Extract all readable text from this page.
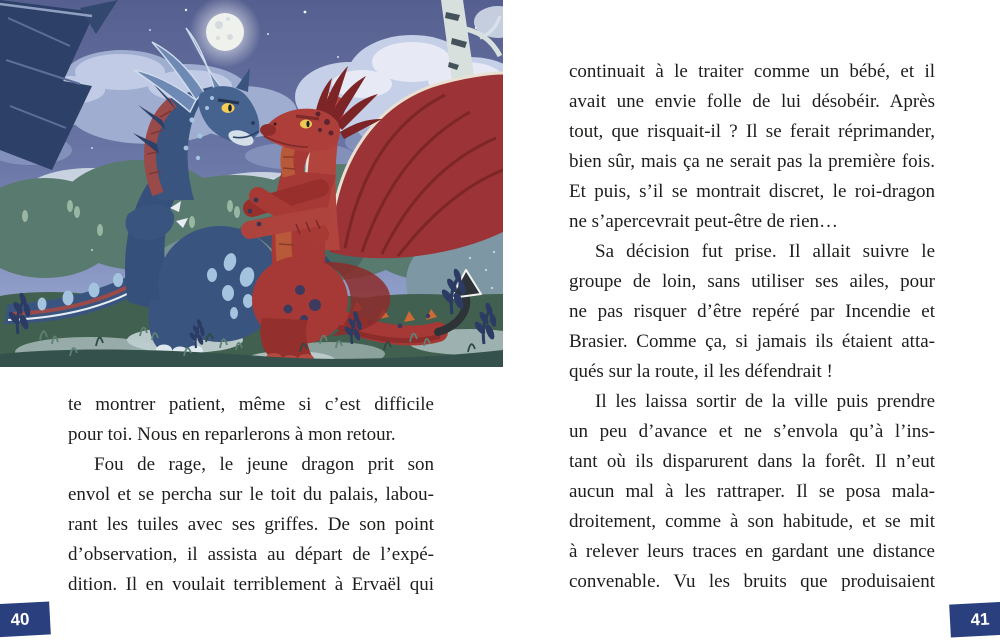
te montrer patient, même si c’est difficile
pour toi. Nous en reparlerons à mon retour.
Fou de rage, le jeune dragon prit son
envol et se percha sur le toit du palais, labou-
rant les tuiles avec ses griffes. De son point
d’observation, il assista au départ de l’expé-
dition. Il en voulait terriblement à Ervaël qui
continuait à le traiter comme un bébé, et il
avait une envie folle de lui désobéir. Après
tout, que risquait-il ? Il se ferait réprimander,
bien sûr, mais ça ne serait pas la première fois.
Et puis, s’il se montrait discret, le roi-dragon
ne s’apercevrait peut-être de rien…
Sa décision fut prise. Il allait suivre le
groupe de loin, sans utiliser ses ailes, pour
ne pas risquer d’être repéré par Incendie et
Brasier. Comme ça, si jamais ils étaient atta-
qués sur la route, il les défendrait !
Il les laissa sortir de la ville puis prendre
un peu d’avance et ne s’envola qu’à l’ins-
tant où ils disparurent dans la forêt. Il n’eut
aucun mal à les rattraper. Il se posa mala-
droitement, comme à son habitude, et se mit
à relever leurs traces en gardant une distance
convenable. Vu les bruits que produisaient
40	41
